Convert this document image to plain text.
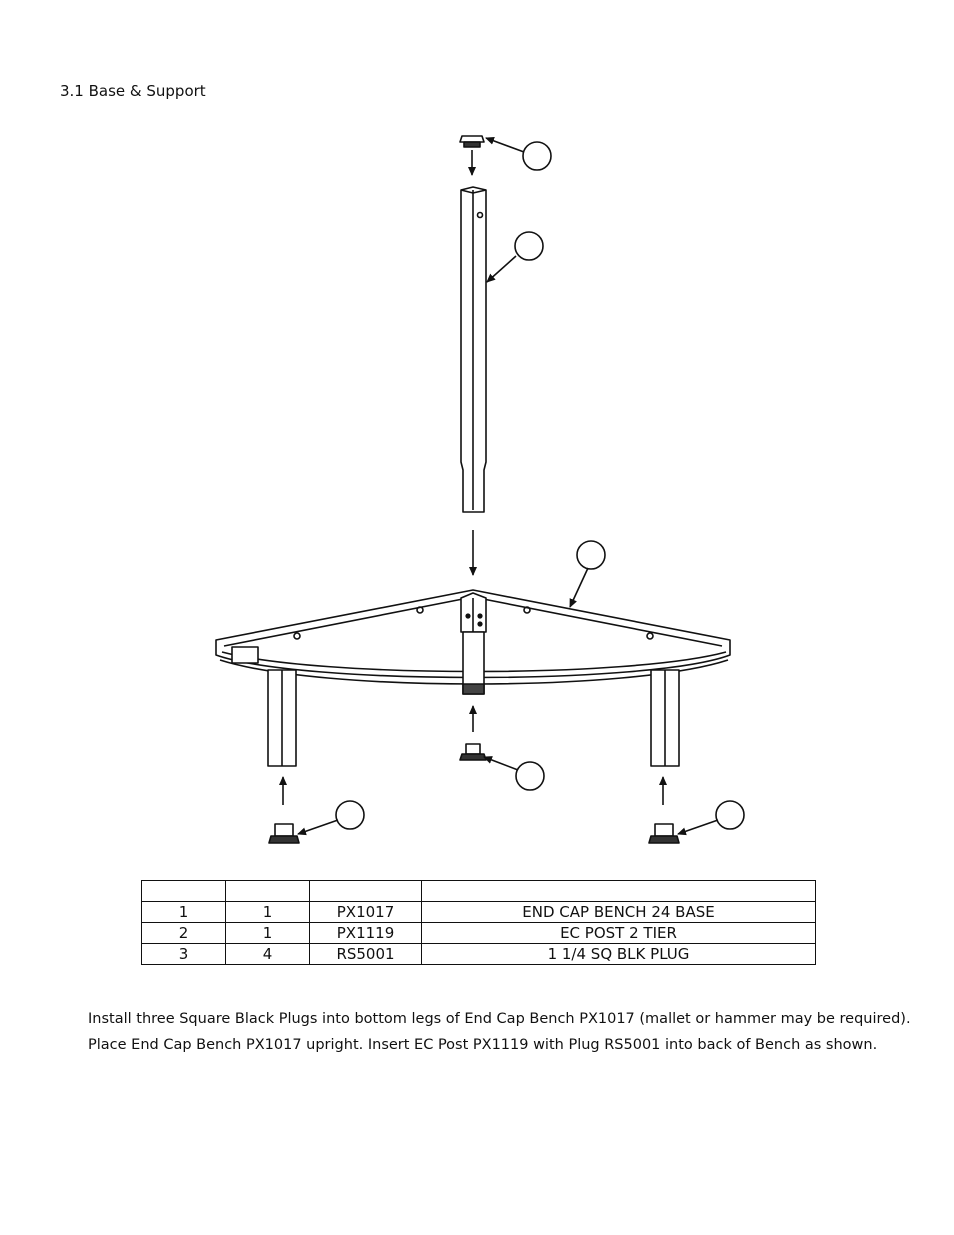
3.1 Base & Support

1	1	PX1017	END CAP BENCH 24 BASE
2	1	PX1119	EC POST 2 TIER
3	4	RS5001	1 1/4 SQ BLK PLUG

Install three Square Black Plugs into bottom legs of End Cap Bench PX1017 (mallet or hammer may be required).

Place End Cap Bench PX1017 upright. Insert EC Post PX1119 with Plug RS5001 into back of Bench as shown.
